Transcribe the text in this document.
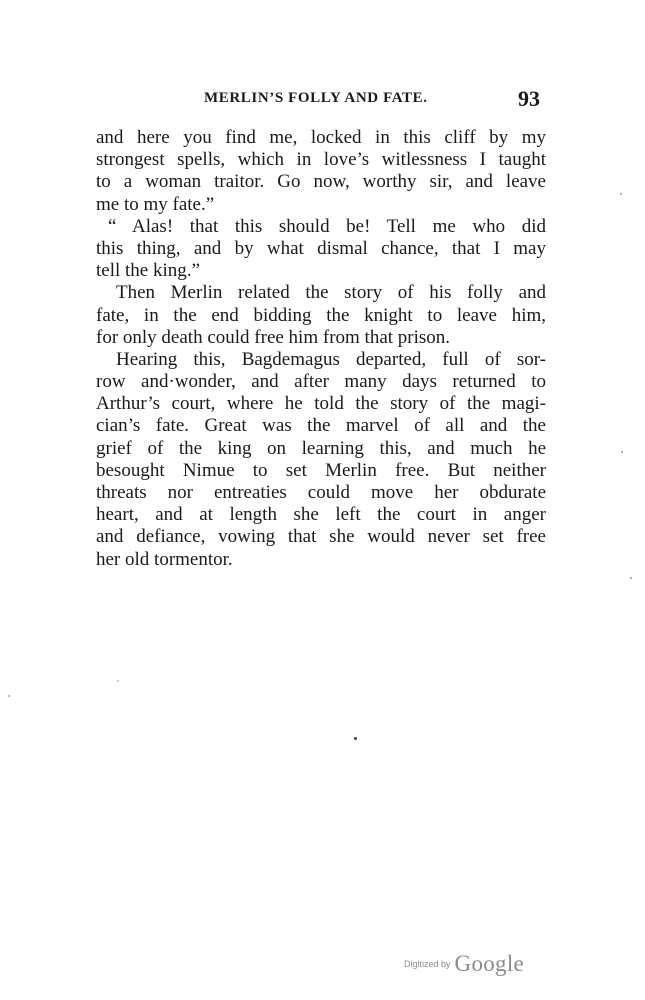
MERLIN’S FOLLY AND FATE.	93
and here you find me, locked in this cliff by my
strongest spells, which in love’s witlessness I taught
to a woman traitor. Go now, worthy sir, and leave
me to my fate.”
“ Alas! that this should be! Tell me who did
this thing, and by what dismal chance, that I may
tell the king.”
Then Merlin related the story of his folly and
fate, in the end bidding the knight to leave him,
for only death could free him from that prison.
Hearing this, Bagdemagus departed, full of sor-
row and·wonder, and after many days returned to
Arthur’s court, where he told the story of the magi-
cian’s fate. Great was the marvel of all and the
grief of the king on learning this, and much he
besought Nimue to set Merlin free. But neither
threats nor entreaties could move her obdurate
heart, and at length she left the court in anger
and defiance, vowing that she would never set free
her old tormentor.
Digitized by Google
